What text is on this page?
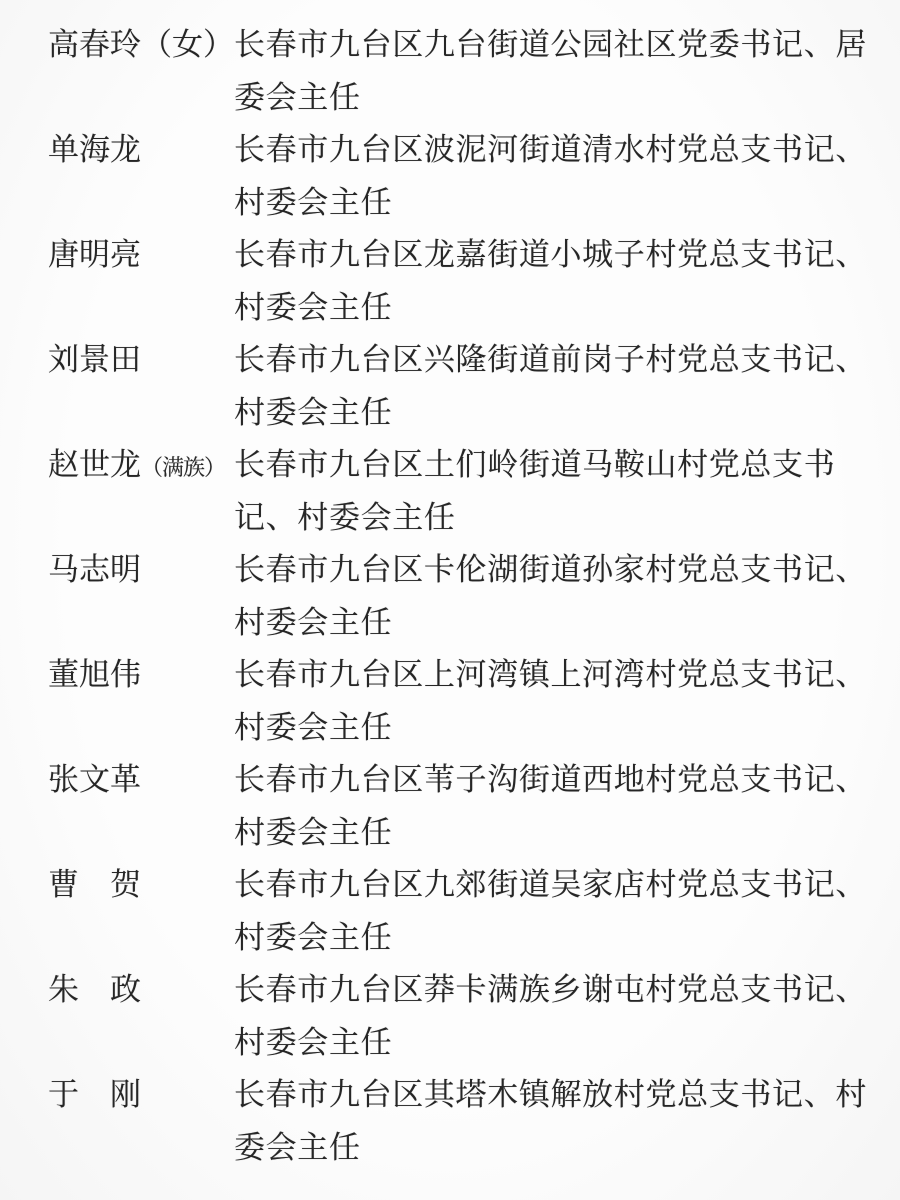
高春玲（女） 长春市九台区九台街道公园社区党委书记、居委会主任
单海龙	长春市九台区波泥河街道清水村党总支书记、村委会主任
唐明亮	长春市九台区龙嘉街道小城子村党总支书记、村委会主任
刘景田	长春市九台区兴隆街道前岗子村党总支书记、村委会主任
赵世龙（满族） 长春市九台区土们岭街道马鞍山村党总支书记、村委会主任
马志明	长春市九台区卡伦湖街道孙家村党总支书记、村委会主任
董旭伟	长春市九台区上河湾镇上河湾村党总支书记、村委会主任
张文革	长春市九台区苇子沟街道西地村党总支书记、村委会主任
曹　贺	长春市九台区九郊街道吴家店村党总支书记、村委会主任
朱　政	长春市九台区莽卡满族乡谢屯村党总支书记、村委会主任
于　刚	长春市九台区其塔木镇解放村党总支书记、村委会主任
